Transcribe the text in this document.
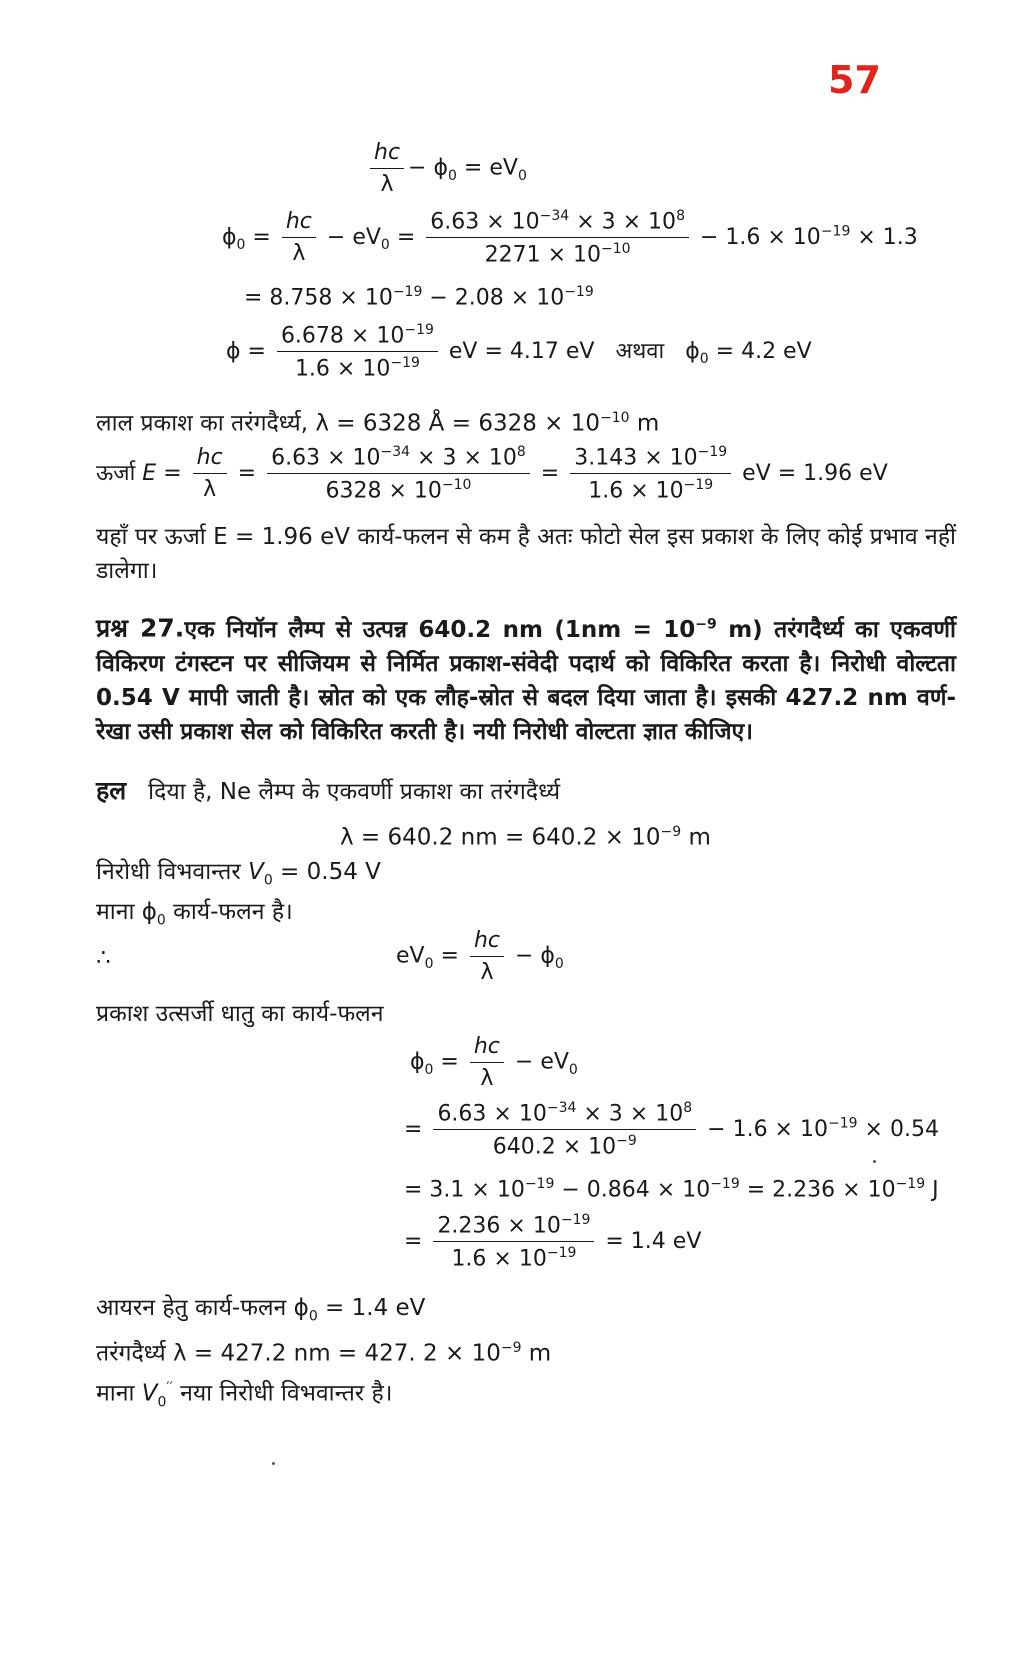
57
$\frac{hc}{\lambda} - \phi_0 = eV_0$
$\phi_0 = \frac{hc}{\lambda} - eV_0 = \frac{6.63 \times 10^{-34} \times 3 \times 10^8}{2271 \times 10^{-10}} - 1.6 \times 10^{-19} \times 1.3$
= $8.758 \times 10^{-19} - 2.08 \times 10^{-19}$
$\phi = \frac{6.678 \times 10^{-19}}{1.6 \times 10^{-19}}$ eV = 4.17 eV अथवा $\phi_0 = 4.2$ eV
लाल प्रकाश का तरंगदैर्ध्य, λ = 6328 Å = $6328 \times 10^{-10}$ m
ऊर्जा $E = \frac{hc}{\lambda} = \frac{6.63 \times 10^{-34} \times 3 \times 10^8}{6328 \times 10^{-10}} = \frac{3.143 \times 10^{-19}}{1.6 \times 10^{-19}}$ eV = 1.96 eV
यहाँ पर ऊर्जा E = 1.96 eV कार्य-फलन से कम है अतः फोटो सेल इस प्रकाश के लिए कोई प्रभाव नहीं डालेगा।
प्रश्न 27.एक नियॉन लैम्प से उत्पन्न 640.2 nm ($1nm = 10^{-9}$ m) तरंगदैर्ध्य का एकवर्णी विकिरण टंगस्टन पर सीजियम से निर्मित प्रकाश-संवेदी पदार्थ को विकिरित करता है। निरोधी वोल्टता 0.54 V मापी जाती है। स्रोत को एक लौह-स्रोत से बदल दिया जाता है। इसकी 427.2 nm वर्ण-रेखा उसी प्रकाश सेल को विकिरित करती है। नयी निरोधी वोल्टता ज्ञात कीजिए।
हल दिया है, Ne लैम्प के एकवर्णी प्रकाश का तरंगदैर्ध्य
λ = 640.2 nm = $640.2 \times 10^{-9}$ m
निरोधी विभवान्तर $V_0 = 0.54$ V
माना $\phi_0$ कार्य-फलन है।
∴	$eV_0 = \frac{hc}{\lambda} - \phi_0$
प्रकाश उत्सर्जी धातु का कार्य-फलन
$\phi_0 = \frac{hc}{\lambda} - eV_0$
= $\frac{6.63 \times 10^{-34} \times 3 \times 10^8}{640.2 \times 10^{-9}} - 1.6 \times 10^{-19} \times 0.54$
= $3.1 \times 10^{-19} - 0.864 \times 10^{-19} = 2.236 \times 10^{-19}$ J
= $\frac{2.236 \times 10^{-19}}{1.6 \times 10^{-19}} = 1.4$ eV
आयरन हेतु कार्य-फलन $\phi_0 = 1.4$ eV
तरंगदैर्ध्य λ = 427.2 nm = 427. $2 \times 10^{-9}$ m
माना $V_0''$ नया निरोधी विभवान्तर है।
